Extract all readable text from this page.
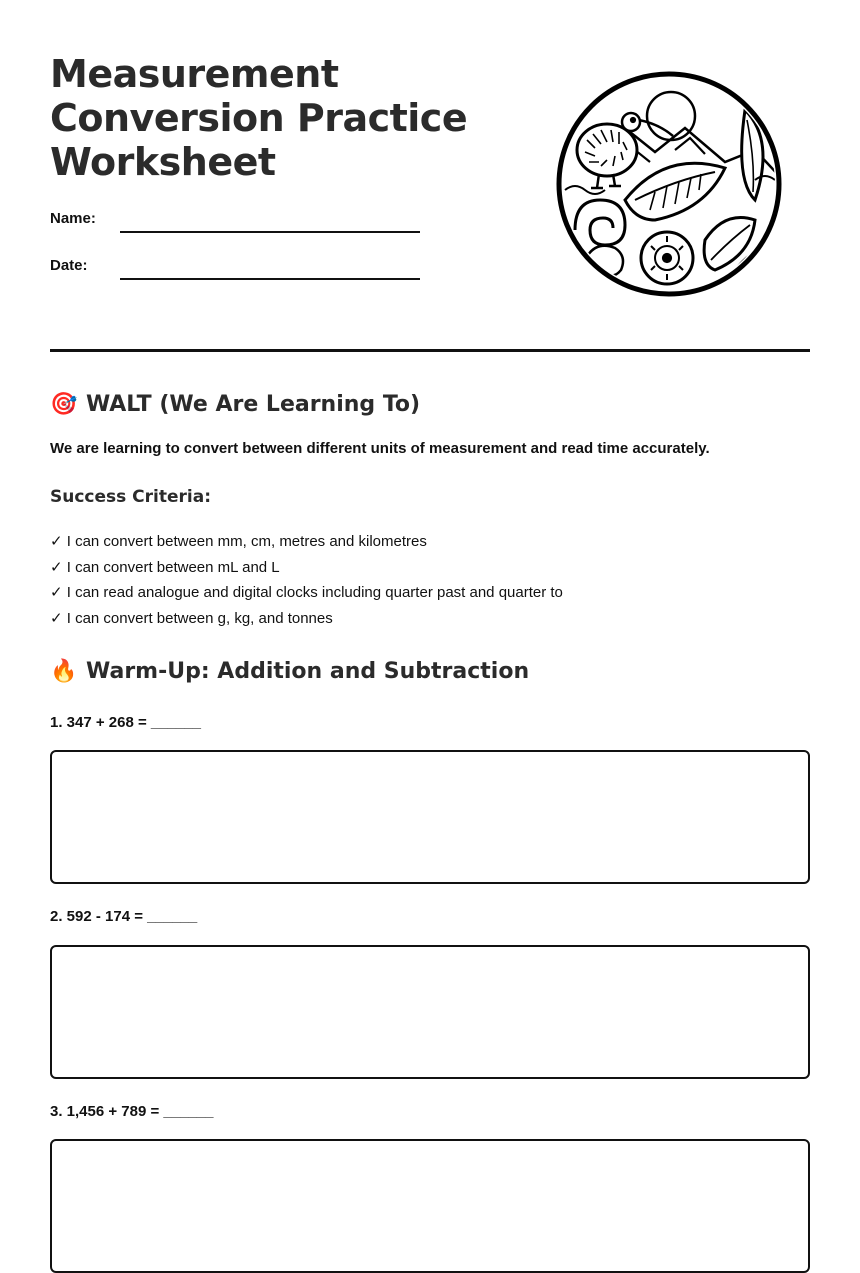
Measurement Conversion Practice Worksheet
Name:
Date:
🎯 WALT (We Are Learning To)
We are learning to convert between different units of measurement and read time accurately.
Success Criteria:
✓ I can convert between mm, cm, metres and kilometres
✓ I can convert between mL and L
✓ I can read analogue and digital clocks including quarter past and quarter to
✓ I can convert between g, kg, and tonnes
🔥 Warm-Up: Addition and Subtraction
1. 347 + 268 = ______
2. 592 - 174 = ______
3. 1,456 + 789 = ______
